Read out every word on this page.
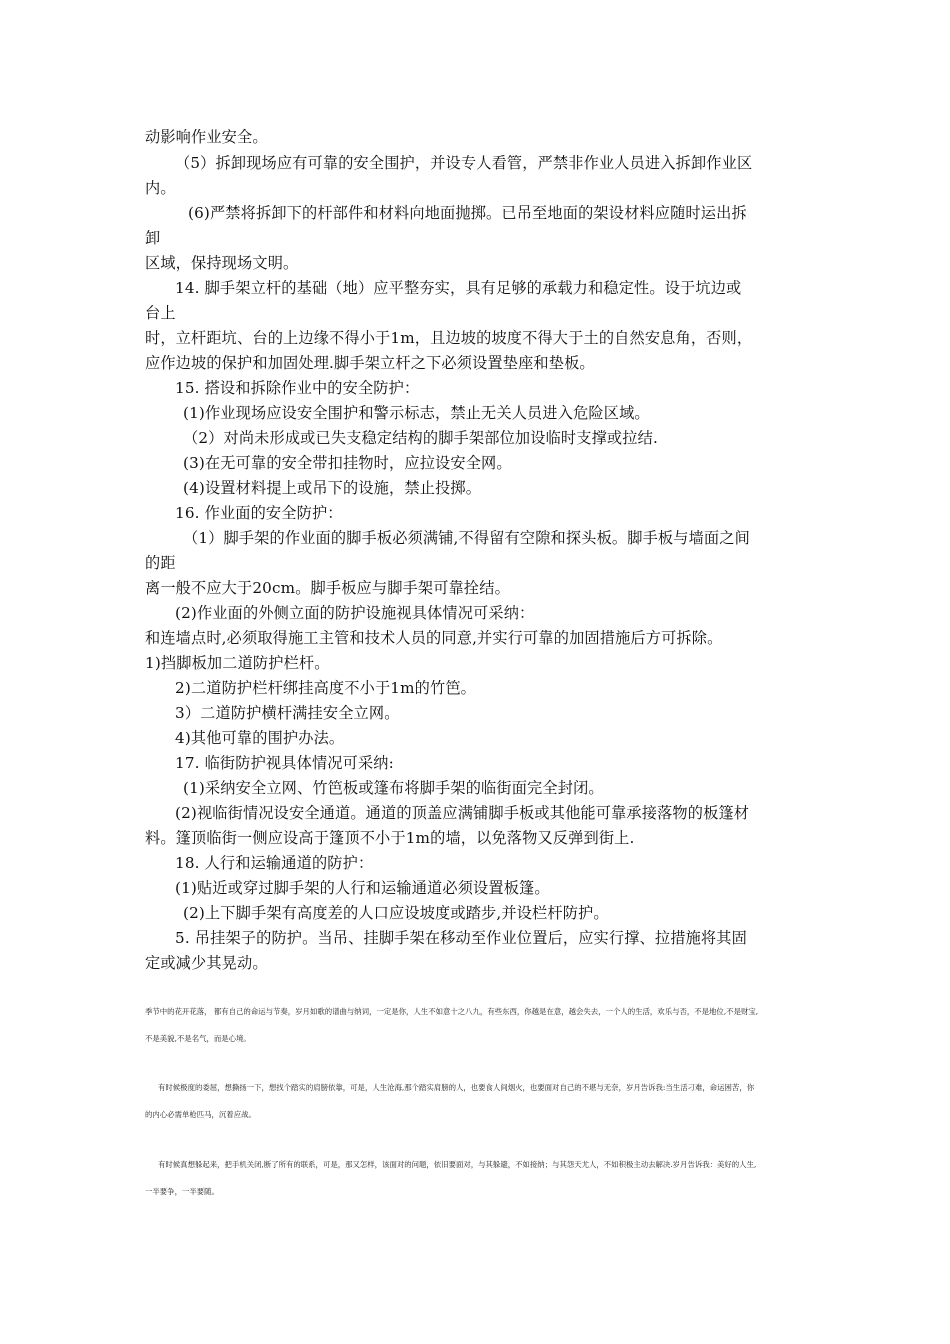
动影响作业安全。
（5）拆卸现场应有可靠的安全围护，并设专人看管，严禁非作业人员进入拆卸作业区
内。
(6)严禁将拆卸下的杆部件和材料向地面抛掷。已吊至地面的架设材料应随时运出拆
卸
区域，保持现场文明。
14. 脚手架立杆的基础（地）应平整夯实，具有足够的承载力和稳定性。设于坑边或
台上
时，立杆距坑、台的上边缘不得小于1m，且边坡的坡度不得大于土的自然安息角，否则，
应作边坡的保护和加固处理.脚手架立杆之下必须设置垫座和垫板。
15. 搭设和拆除作业中的安全防护：
(1)作业现场应设安全围护和警示标志，禁止无关人员进入危险区域。
（2）对尚未形成或已失支稳定结构的脚手架部位加设临时支撑或拉结.
(3)在无可靠的安全带扣挂物时，应拉设安全网。
(4)设置材料提上或吊下的设施，禁止投掷。
16. 作业面的安全防护：
（1）脚手架的作业面的脚手板必须满铺,不得留有空隙和探头板。脚手板与墙面之间
的距
离一般不应大于20cm。脚手板应与脚手架可靠拴结。
(2)作业面的外侧立面的防护设施视具体情况可采纳：
和连墙点时,必须取得施工主管和技术人员的同意,并实行可靠的加固措施后方可拆除。
1)挡脚板加二道防护栏杆。
2)二道防护栏杆绑挂高度不小于1m的竹笆。
3）二道防护横杆满挂安全立网。
4)其他可靠的围护办法。
17. 临街防护视具体情况可采纳:
(1)采纳安全立网、竹笆板或篷布将脚手架的临街面完全封闭。
(2)视临街情况设安全通道。通道的顶盖应满铺脚手板或其他能可靠承接落物的板篷材
料。篷顶临街一侧应设高于篷顶不小于1m的墙，以免落物又反弹到街上.
18. 人行和运输通道的防护：
(1)贴近或穿过脚手架的人行和运输通道必须设置板篷。
(2)上下脚手架有高度差的人口应设坡度或踏步,并设栏杆防护。
5. 吊挂架子的防护。当吊、挂脚手架在移动至作业位置后，应实行撑、拉措施将其固
定或减少其晃动。
季节中的花开花落， 都有自己的命运与节奏，岁月如歌的谱曲与纳词，一定是你，人生不如意十之八九，有些东西，你越是在意，越会失去，一个人的生活，欢乐与否，不是地位,不是财宝,
不是美貌,不是名气，而是心境。
有时候极度的委屈，想撕扬一下，想找个踏实的肩膀依靠，可是，人生沧海,那个踏实肩膀的人，也要食人间烟火，也要面对自己的不堪与无奈，岁月告诉我:当生活刁难，命运困苦，你
的内心必需单枪匹马，沉着应战。
有时候真想躲起来，把手机关闭,断了所有的联系，可是，那又怎样，该面对的问题，依旧要面对，与其躲避，不如接纳；与其怨天尤人，不如积极主动去解决.岁月告诉我：美好的人生,
一半要争，一半要随。
